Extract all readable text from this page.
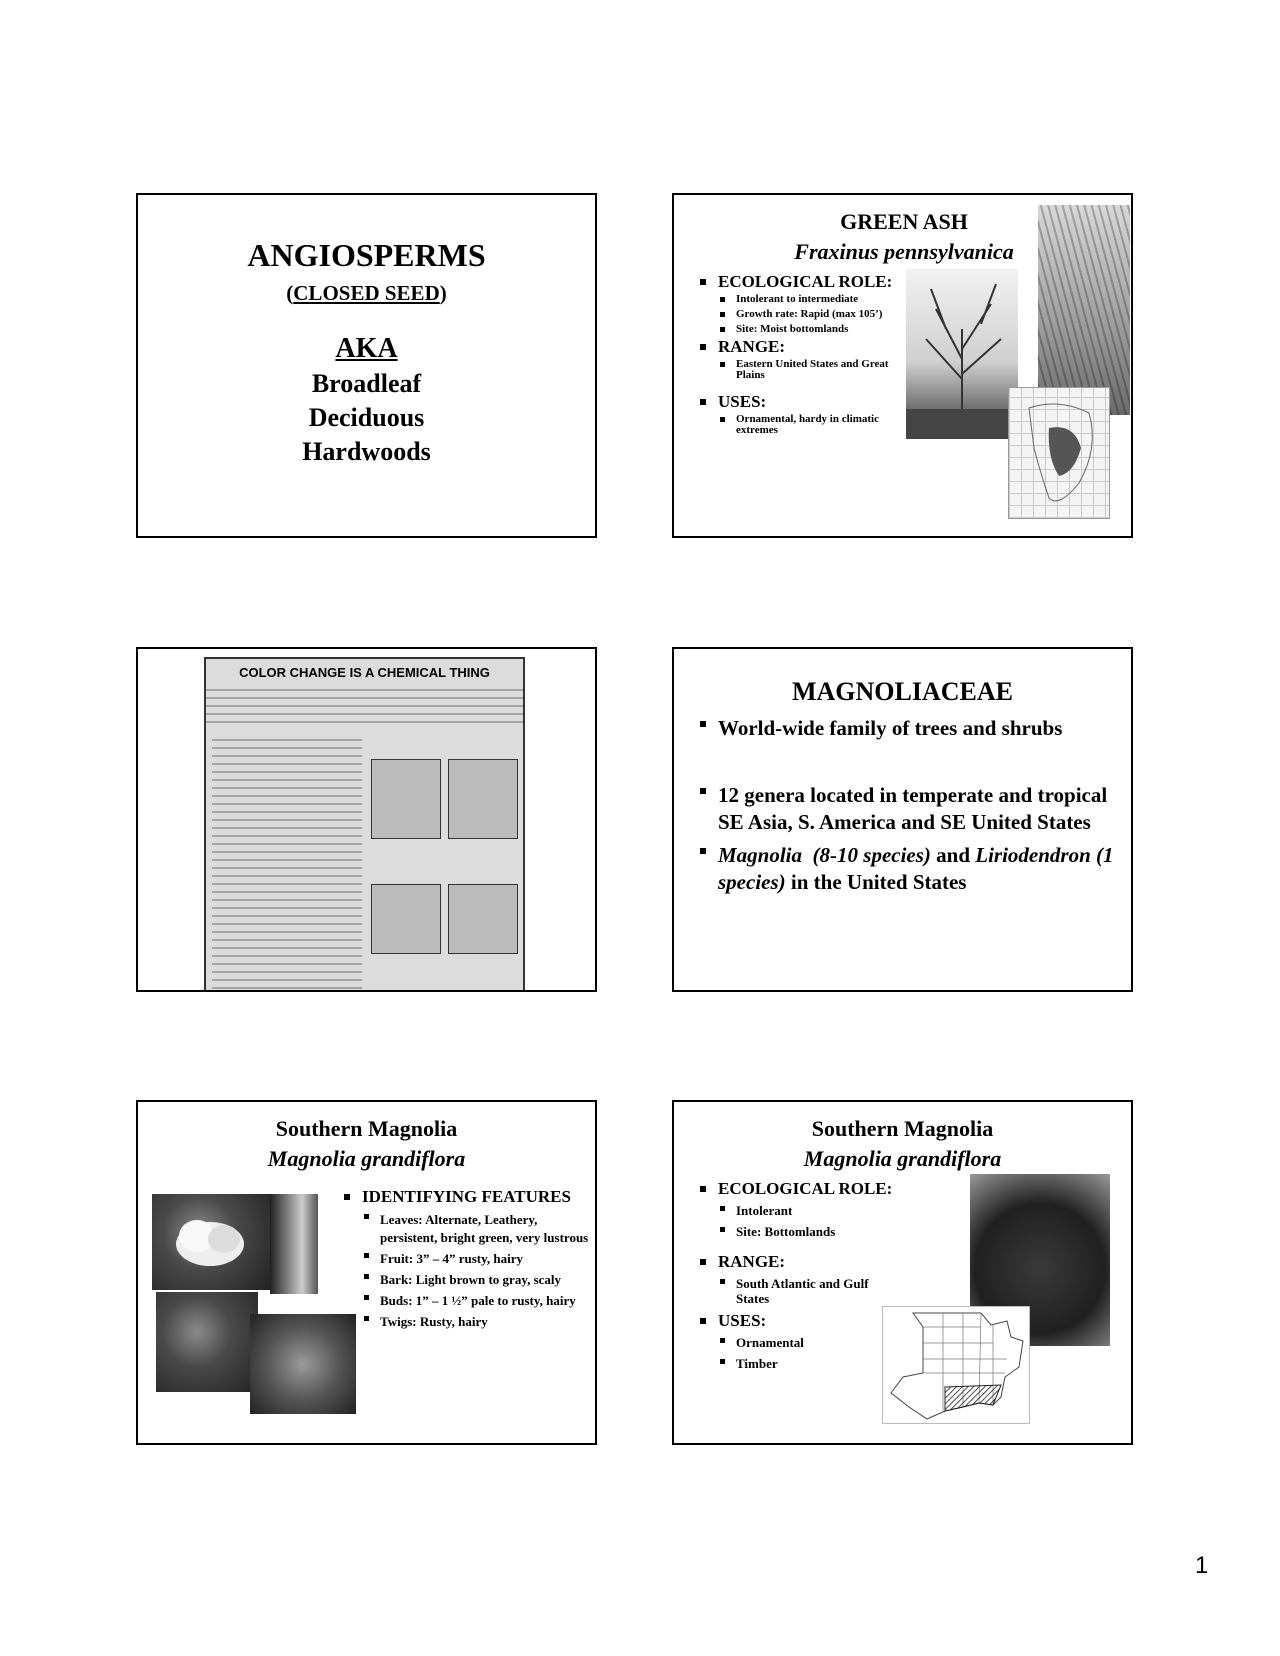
ANGIOSPERMS
(CLOSED SEED)
AKA
Broadleaf
Deciduous
Hardwoods
GREEN ASH
Fraxinus pennsylvanica
ECOLOGICAL ROLE:
Intolerant to intermediate
Growth rate: Rapid (max 105’)
Site: Moist bottomlands
RANGE:
Eastern United States and Great Plains
USES:
Ornamental, hardy in climatic extremes
COLOR CHANGE IS A CHEMICAL THING
MAGNOLIACEAE
World-wide family of trees and shrubs
12 genera located in temperate and tropical SE Asia, S. America and SE United States
Magnolia (8-10 species) and Liriodendron (1 species) in the United States
Southern Magnolia
Magnolia grandiflora
IDENTIFYING FEATURES
Leaves: Alternate, Leathery, persistent, bright green, very lustrous
Fruit: 3” – 4” rusty, hairy
Bark: Light brown to gray, scaly
Buds: 1” – 1 ½” pale to rusty, hairy
Twigs: Rusty, hairy
Southern Magnolia
Magnolia grandiflora
ECOLOGICAL ROLE:
Intolerant
Site: Bottomlands
RANGE:
South Atlantic and Gulf States
USES:
Ornamental
Timber
1
